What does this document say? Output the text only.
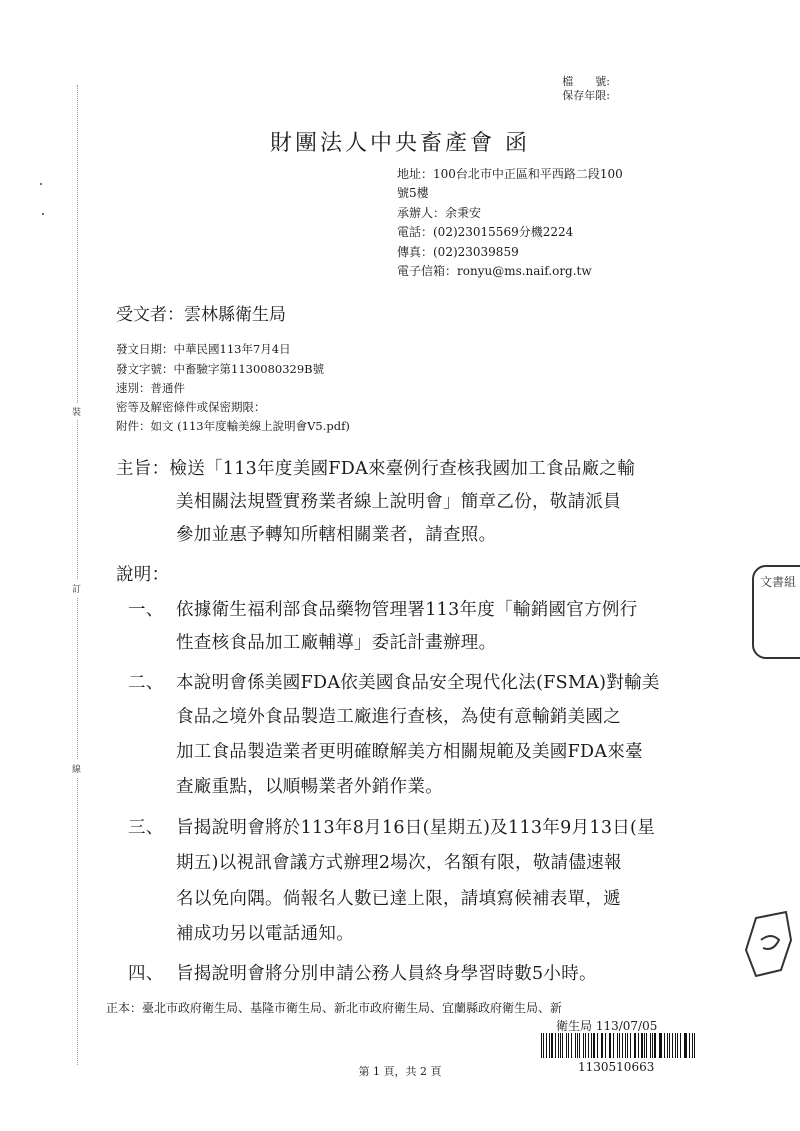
裝
訂
線
檔　　號:
保存年限:
財團法人中央畜產會 函
地址：100台北市中正區和平西路二段100
號5樓
承辦人：余秉安
電話：(02)23015569分機2224
傳真：(02)23039859
電子信箱：ronyu@ms.naif.org.tw
受文者：雲林縣衛生局
發文日期：中華民國113年7月4日
發文字號：中畜驗字第1130080329B號
速別：普通件
密等及解密條件或保密期限：
附件：如文 (113年度輸美線上說明會V5.pdf)
主旨：檢送「113年度美國FDA來臺例行查核我國加工食品廠之輸
美相關法規暨實務業者線上說明會」簡章乙份，敬請派員
參加並惠予轉知所轄相關業者，請查照。
說明：
一、 依據衛生福利部食品藥物管理署113年度「輸銷國官方例行
性查核食品加工廠輔導」委託計畫辦理。
二、 本說明會係美國FDA依美國食品安全現代化法(FSMA)對輸美
食品之境外食品製造工廠進行查核，為使有意輸銷美國之
加工食品製造業者更明確瞭解美方相關規範及美國FDA來臺
查廠重點，以順暢業者外銷作業。
三、 旨揭說明會將於113年8月16日(星期五)及113年9月13日(星
期五)以視訊會議方式辦理2場次，名額有限，敬請儘速報
名以免向隅。倘報名人數已達上限，請填寫候補表單，遞
補成功另以電話通知。
四、 旨揭說明會將分別申請公務人員終身學習時數5小時。
正本：臺北市政府衛生局、基隆市衛生局、新北市政府衛生局、宜蘭縣政府衛生局、新
衛生局 113/07/05
第 1 頁，共 2 頁	1130510663
文書組
